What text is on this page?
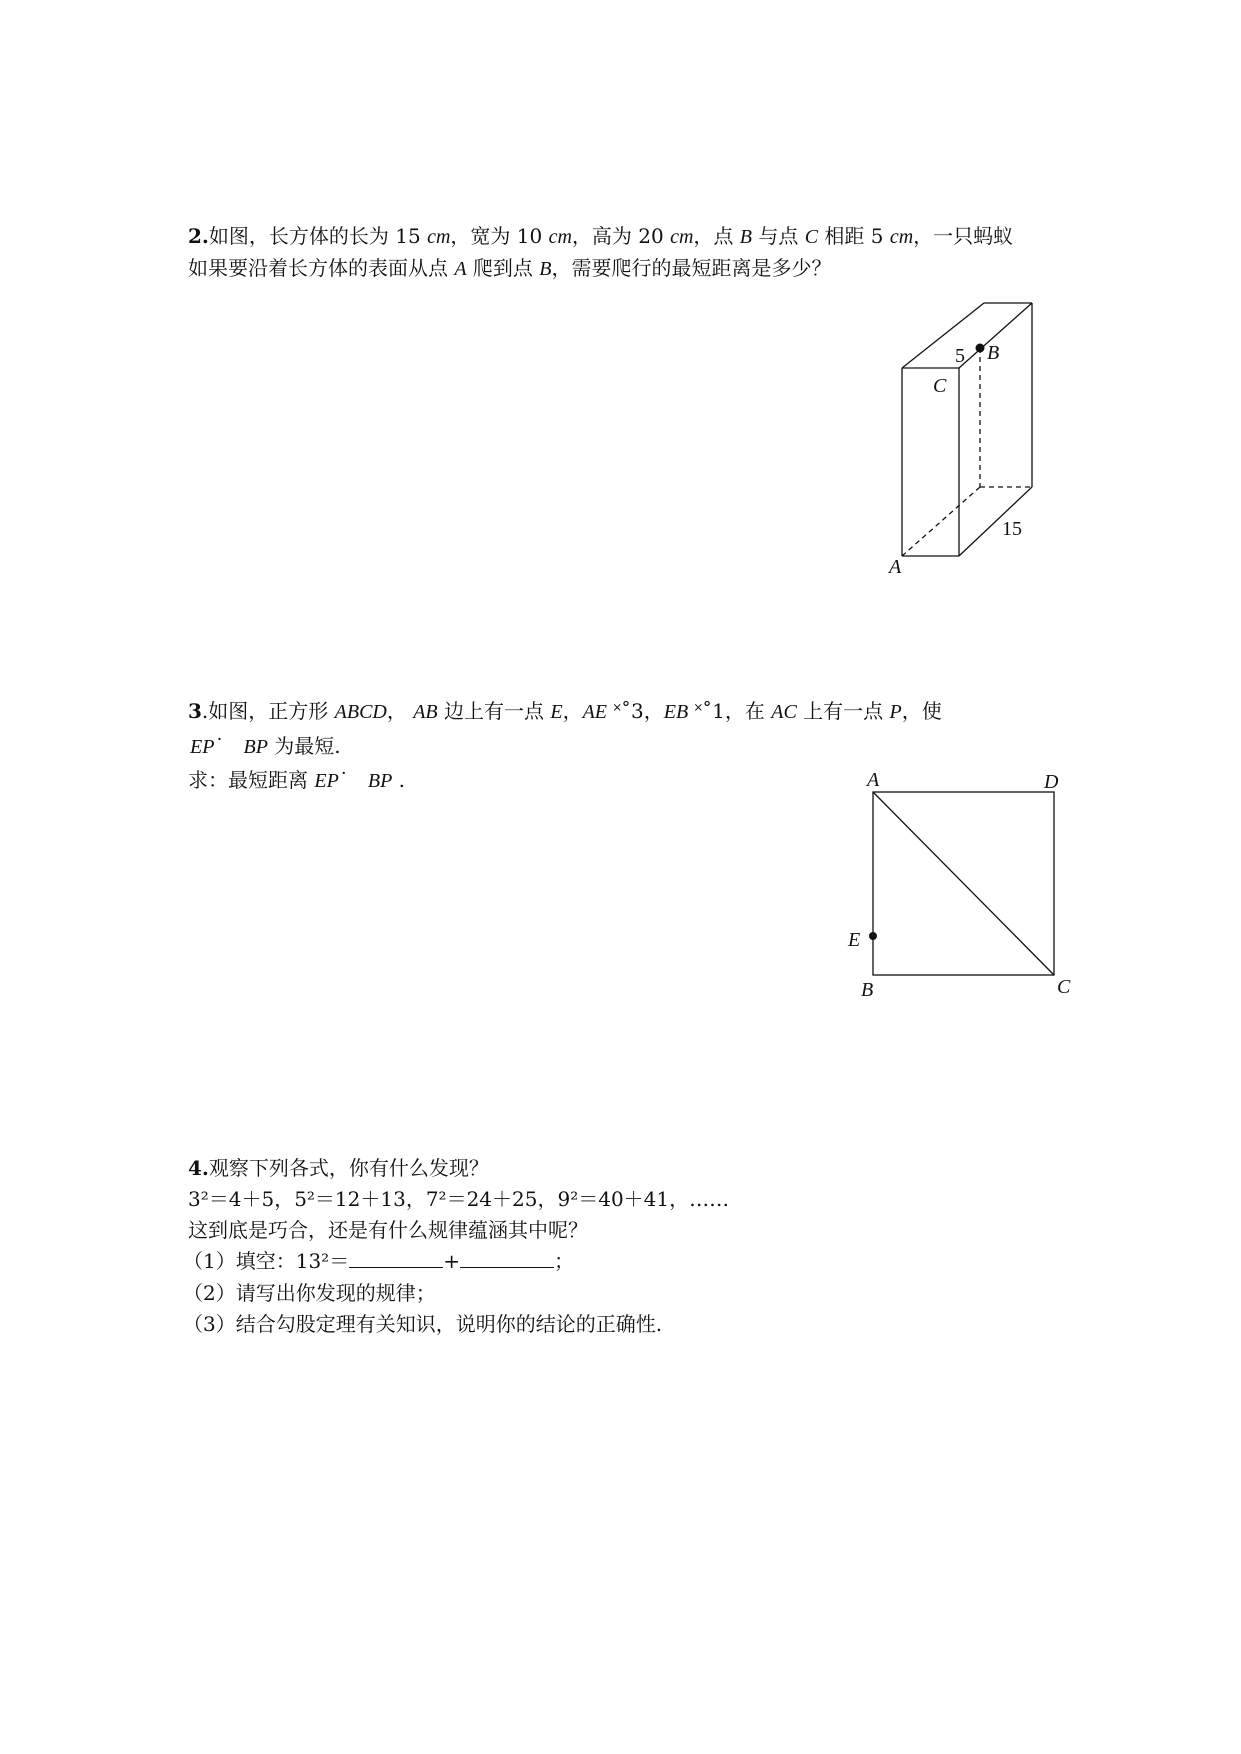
2.如图，长方体的长为 15 cm，宽为 10 cm，高为 20 cm，点 B 与点 C 相距 5 cm，一只蚂蚁
如果要沿着长方体的表面从点 A 爬到点 B，需要爬行的最短距离是多少？
3.如图，正方形 ABCD， AB 边上有一点 E，AE ˟˚3，EB ˟˚1，在 AC 上有一点 P，使
EP˙ BP 为最短.
求：最短距离 EP˙ BP .
4.观察下列各式，你有什么发现？
3²＝4＋5，5²＝12＋13，7²＝24＋25，9²＝40＋41，……
这到底是巧合，还是有什么规律蕴涵其中呢？
（1）填空：13²＝	+	；
（2）请写出你发现的规律；
（3）结合勾股定理有关知识，说明你的结论的正确性.
5 B
C
15
A
A	D
E
B	C
